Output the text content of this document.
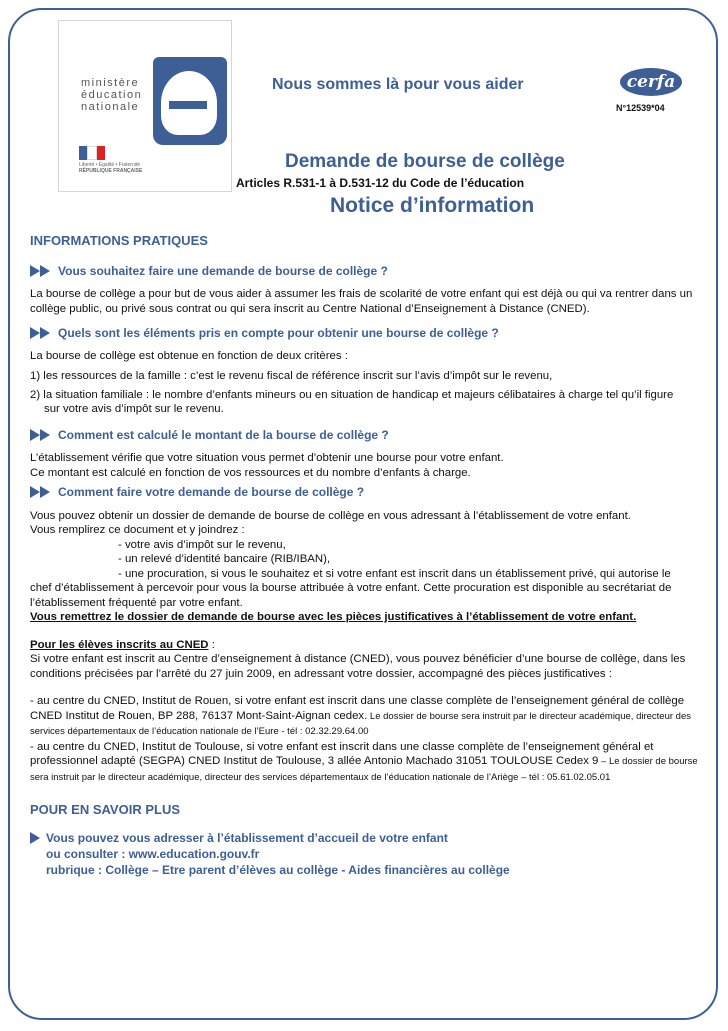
ministère
éducation
nationale
Liberté • Égalité • Fraternité
RÉPUBLIQUE FRANÇAISE
Nous sommes là pour vous aider	cerfa
N°12539*04
Demande de bourse de collège
Articles R.531-1 à D.531-12 du Code de l’éducation
Notice d’information

INFORMATIONS PRATIQUES

Vous souhaitez faire une demande de bourse de collège ?

La bourse de collège a pour but de vous aider à assumer les frais de scolarité de votre enfant qui est déjà ou qui va rentrer dans un collège public, ou privé sous contrat ou qui sera inscrit au Centre National d’Enseignement à Distance (CNED).

Quels sont les éléments pris en compte pour obtenir une bourse de collège ?

La bourse de collège est obtenue en fonction de deux critères :

1) les ressources de la famille : c’est le revenu fiscal de référence inscrit sur l’avis d’impôt sur le revenu,

2) la situation familiale : le nombre d’enfants mineurs ou en situation de handicap et majeurs célibataires à charge tel qu’il figure

sur votre avis d’impôt sur le revenu.

Comment est calculé le montant de la bourse de collège ?

L’établissement vérifie que votre situation vous permet d’obtenir une bourse pour votre enfant.

Ce montant est calculé en fonction de vos ressources et du nombre d’enfants à charge.

Comment faire votre demande de bourse de collège ?

Vous pouvez obtenir un dossier de demande de bourse de collège en vous adressant à l’établissement de votre enfant.

Vous remplirez ce document et y joindrez :

- votre avis d’impôt sur le revenu,

- un relevé d’identité bancaire (RIB/IBAN),

- une procuration, si vous le souhaitez et si votre enfant est inscrit dans un établissement privé, qui autorise le

chef d’établissement à percevoir pour vous la bourse attribuée à votre enfant. Cette procuration est disponible au secrétariat de l’établissement fréquenté par votre enfant.

Vous remettrez le dossier de demande de bourse avec les pièces justificatives à l’établissement de votre enfant.

Pour les élèves inscrits au CNED :

Si votre enfant est inscrit au Centre d’enseignement à distance (CNED), vous pouvez bénéficier d’une bourse de collège, dans les conditions précisées par l’arrêté du 27 juin 2009, en adressant votre dossier, accompagné des pièces justificatives :

- au centre du CNED, Institut de Rouen, si votre enfant est inscrit dans une classe complète de l’enseignement général de collège CNED Institut de Rouen, BP 288, 76137 Mont-Saint-Aignan cedex. Le dossier de bourse sera instruit par le directeur académique, directeur des services départementaux de l’éducation nationale de l’Eure - tél : 02.32.29.64.00

- au centre du CNED, Institut de Toulouse, si votre enfant est inscrit dans une classe complète de l’enseignement général et professionnel adapté (SEGPA) CNED Institut de Toulouse, 3 allée Antonio Machado 31051 TOULOUSE Cedex 9 – Le dossier de bourse sera instruit par le directeur académique, directeur des services départementaux de l’éducation nationale de l’Ariège – tél : 05.61.02.05.01

POUR EN SAVOIR PLUS

Vous pouvez vous adresser à l’établissement d’accueil de votre enfant
ou consulter : www.education.gouv.fr
rubrique : Collège – Etre parent d’élèves au collège - Aides financières au collège
